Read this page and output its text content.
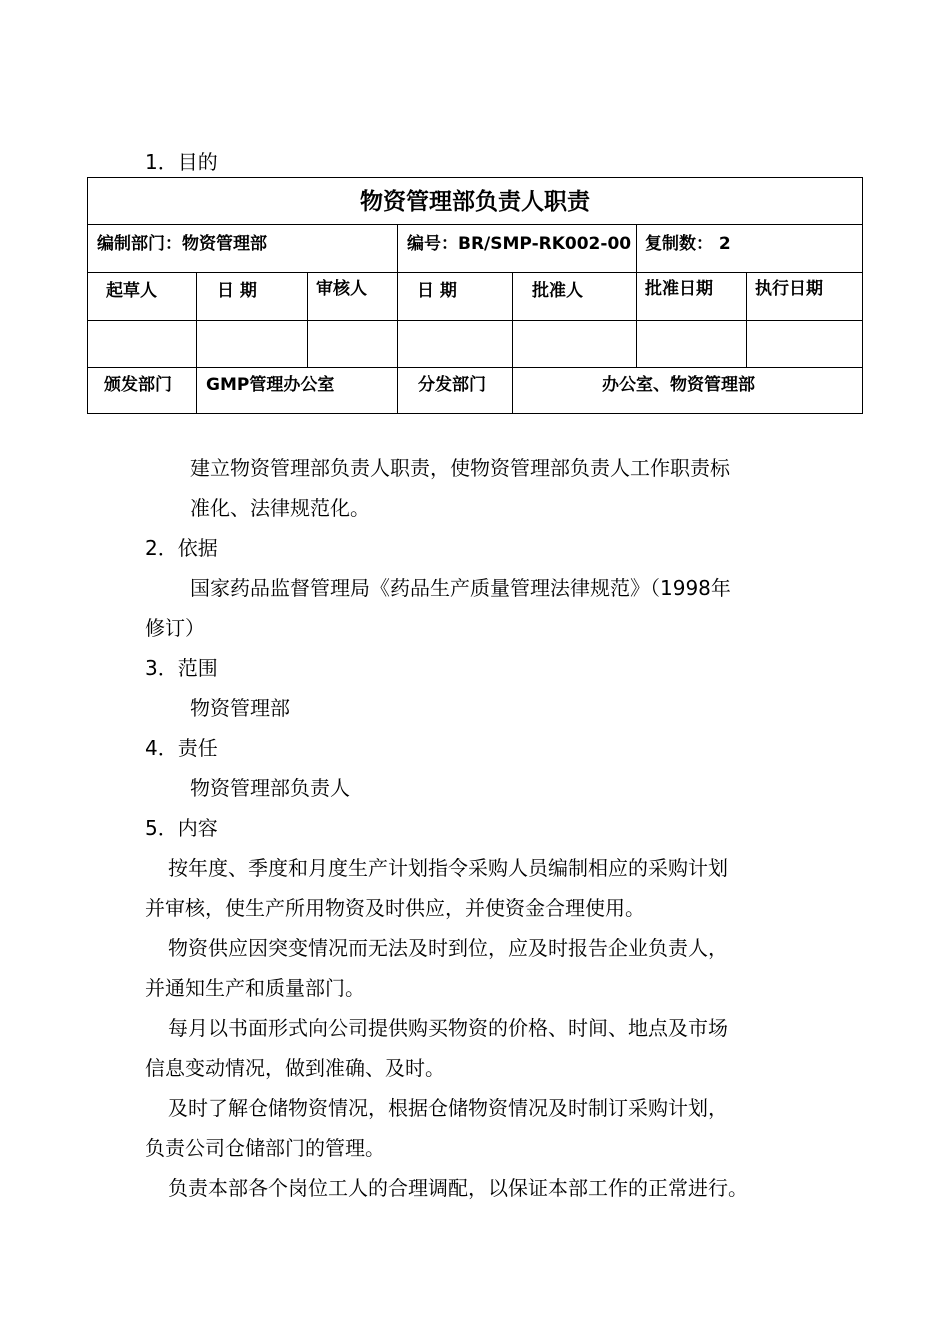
1．目的
物资管理部负责人职责
编制部门：物资管理部	编号：BR/SMP-RK002-00 复制数： 2
起草人	日 期	审核人	日 期	批准人	批准日期 执行日期
颁发部门 GMP管理办公室	分发部门	办公室、物资管理部
建立物资管理部负责人职责，使物资管理部负责人工作职责标
准化、法律规范化。
2．依据
国家药品监督管理局《药品生产质量管理法律规范》（1998年
修订）
3．范围
物资管理部
4．责任
物资管理部负责人
5．内容
按年度、季度和月度生产计划指令采购人员编制相应的采购计划
并审核，使生产所用物资及时供应，并使资金合理使用。
物资供应因突变情况而无法及时到位，应及时报告企业负责人，
并通知生产和质量部门。
每月以书面形式向公司提供购买物资的价格、时间、地点及市场
信息变动情况，做到准确、及时。
及时了解仓储物资情况，根据仓储物资情况及时制订采购计划，
负责公司仓储部门的管理。
负责本部各个岗位工人的合理调配，以保证本部工作的正常进行。
